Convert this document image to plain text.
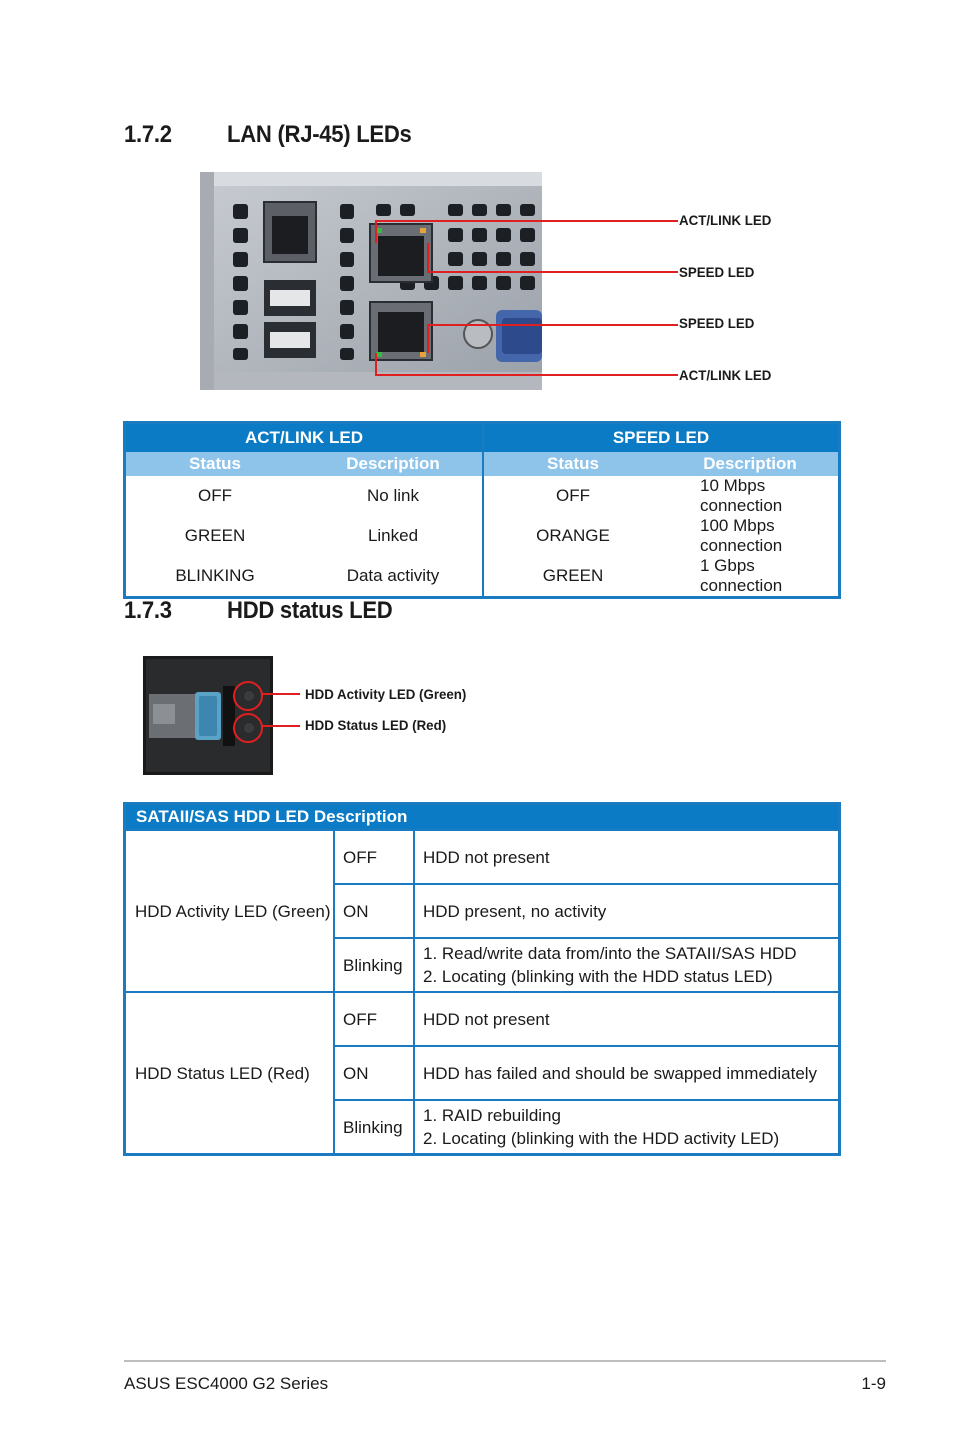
1.7.2 LAN (RJ-45) LEDs
ACT/LINK LED
SPEED LED
SPEED LED
ACT/LINK LED
ACT/LINK LED		SPEED LED	
Status	Description	Status	Description
OFF	No link	OFF	10 Mbps connection
GREEN	Linked	ORANGE	100 Mbps connection
BLINKING	Data activity	GREEN	1 Gbps connection
1.7.3 HDD status LED
HDD Activity LED (Green)
HDD Status LED (Red)
SATAII/SAS HDD LED Description		
HDD Activity LED (Green)	OFF	HDD not present
	ON	HDD present, no activity
	Blinking	1. Read/write data from/into the SATAII/SAS HDD
2. Locating (blinking with the HDD status LED)

HDD Status LED (Red)	OFF	HDD not present
	ON	HDD has failed and should be swapped immediately
	Blinking	1. RAID rebuilding
2. Locating (blinking with the HDD activity LED)
ASUS ESC4000 G2 Series	1-9
